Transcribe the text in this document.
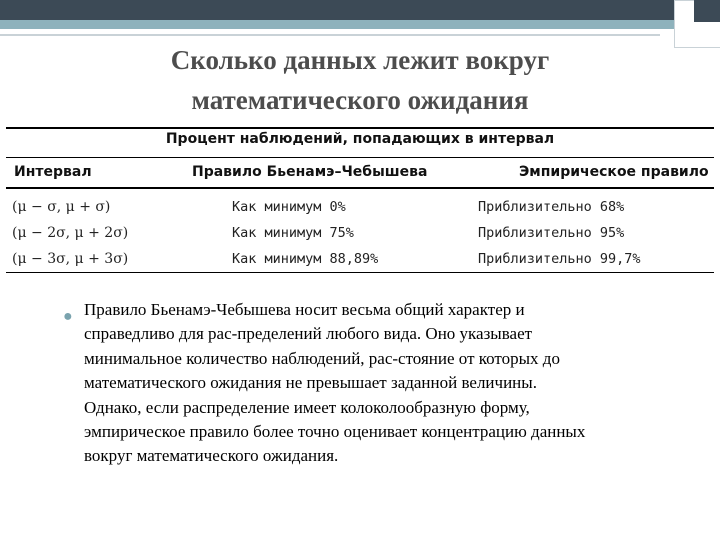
Сколько данных лежит вокруг
математического ожидания
Процент наблюдений, попадающих в интервал
Интервал	Правило Бьенамэ–Чебышева	Эмпирическое правило
(μ − σ, μ + σ)	Как минимум 0%	Приблизительно 68%
(μ − 2σ, μ + 2σ)	Как минимум 75%	Приблизительно 95%
(μ − 3σ, μ + 3σ)	Как минимум 88,89%	Приблизительно 99,7%
● Правило Бьенамэ-Чебышева носит весьма общий характер и
справедливо для рас-пределений любого вида. Оно указывает
минимальное количество наблюдений, рас-стояние от которых до
математического ожидания не превышает заданной величины.
Однако, если распределение имеет колоколообразную форму,
эмпирическое правило более точно оценивает концентрацию данных
вокруг математического ожидания.
